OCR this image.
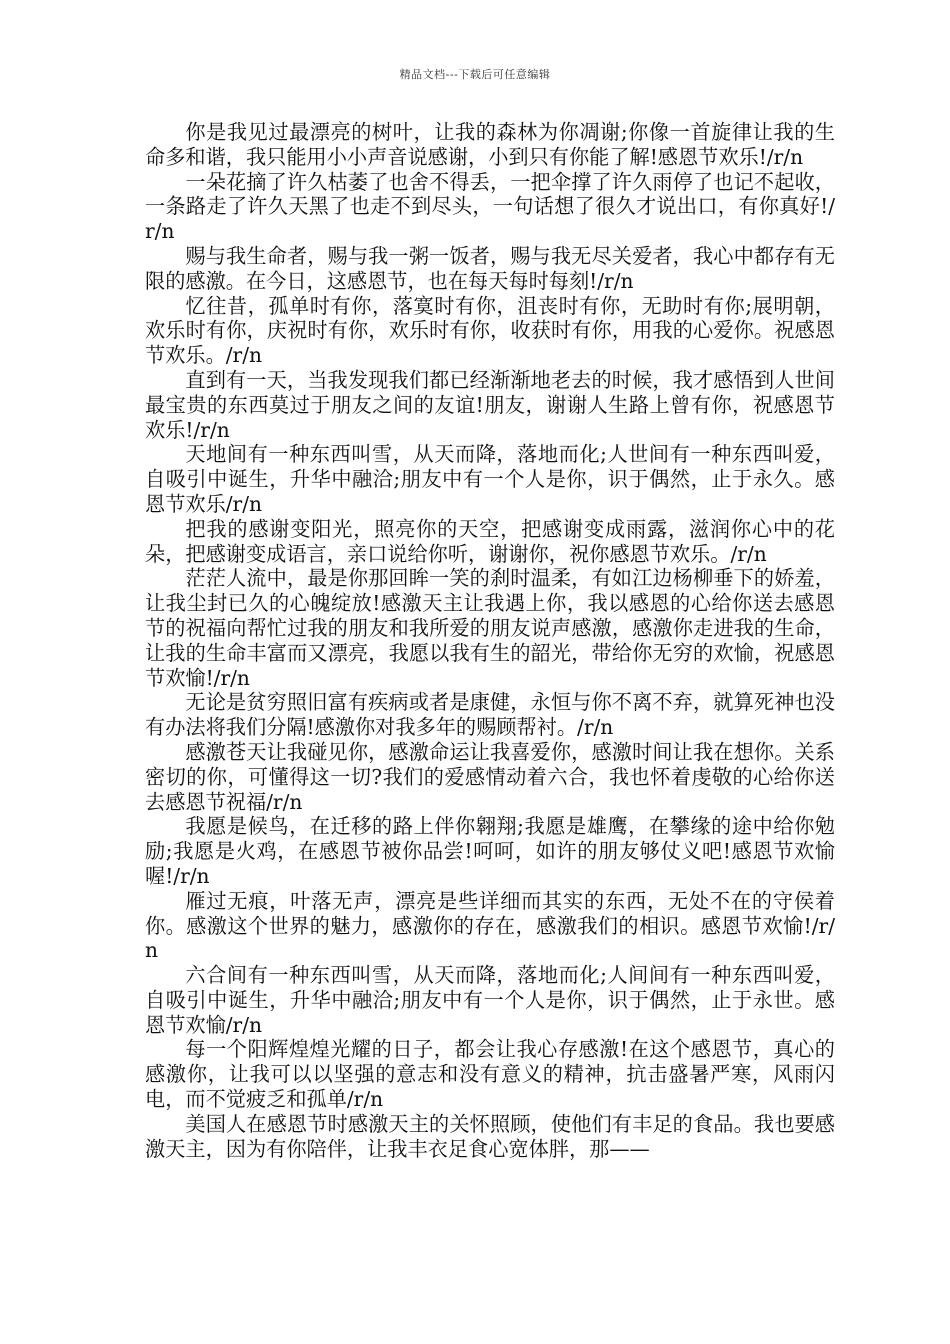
精品文档---下载后可任意编辑

你是我见过最漂亮的树叶，让我的森林为你凋谢;你像一首旋律让我的生命多和谐，我只能用小小声音说感谢，小到只有你能了解!感恩节欢乐!/r/n

一朵花摘了许久枯萎了也舍不得丢，一把伞撑了许久雨停了也记不起收，一条路走了许久天黑了也走不到尽头，一句话想了很久才说出口，有你真好!/r/n

赐与我生命者，赐与我一粥一饭者，赐与我无尽关爱者，我心中都存有无限的感激。在今日，这感恩节，也在每天每时每刻!/r/n

忆往昔，孤单时有你，落寞时有你，沮丧时有你，无助时有你;展明朝，欢乐时有你，庆祝时有你，欢乐时有你，收获时有你，用我的心爱你。祝感恩节欢乐。/r/n

直到有一天，当我发现我们都已经渐渐地老去的时候，我才感悟到人世间最宝贵的东西莫过于朋友之间的友谊!朋友，谢谢人生路上曾有你，祝感恩节欢乐!/r/n

天地间有一种东西叫雪，从天而降，落地而化;人世间有一种东西叫爱，自吸引中诞生，升华中融洽;朋友中有一个人是你，识于偶然，止于永久。感恩节欢乐/r/n

把我的感谢变阳光，照亮你的天空，把感谢变成雨露，滋润你心中的花朵，把感谢变成语言，亲口说给你听，谢谢你，祝你感恩节欢乐。/r/n

茫茫人流中，最是你那回眸一笑的刹时温柔，有如江边杨柳垂下的娇羞，让我尘封已久的心魄绽放!感激天主让我遇上你，我以感恩的心给你送去感恩节的祝福向帮忙过我的朋友和我所爱的朋友说声感激，感激你走进我的生命，让我的生命丰富而又漂亮，我愿以我有生的韶光，带给你无穷的欢愉，祝感恩节欢愉!/r/n

无论是贫穷照旧富有疾病或者是康健，永恒与你不离不弃，就算死神也没有办法将我们分隔!感激你对我多年的赐顾帮衬。/r/n

感激苍天让我碰见你，感激命运让我喜爱你，感激时间让我在想你。关系密切的你，可懂得这一切?我们的爱感情动着六合，我也怀着虔敬的心给你送去感恩节祝福/r/n

我愿是候鸟，在迁移的路上伴你翱翔;我愿是雄鹰，在攀缘的途中给你勉励;我愿是火鸡，在感恩节被你品尝!呵呵，如许的朋友够仗义吧!感恩节欢愉喔!/r/n

雁过无痕，叶落无声，漂亮是些详细而其实的东西，无处不在的守侯着你。感激这个世界的魅力，感激你的存在，感激我们的相识。感恩节欢愉!/r/n

六合间有一种东西叫雪，从天而降，落地而化;人间间有一种东西叫爱，自吸引中诞生，升华中融洽;朋友中有一个人是你，识于偶然，止于永世。感恩节欢愉/r/n

每一个阳辉煌煌光耀的日子，都会让我心存感激!在这个感恩节，真心的感激你，让我可以以坚强的意志和没有意义的精神，抗击盛暑严寒，风雨闪电，而不觉疲乏和孤单/r/n

美国人在感恩节时感激天主的关怀照顾，使他们有丰足的食品。我也要感激天主，因为有你陪伴，让我丰衣足食心宽体胖，那——
